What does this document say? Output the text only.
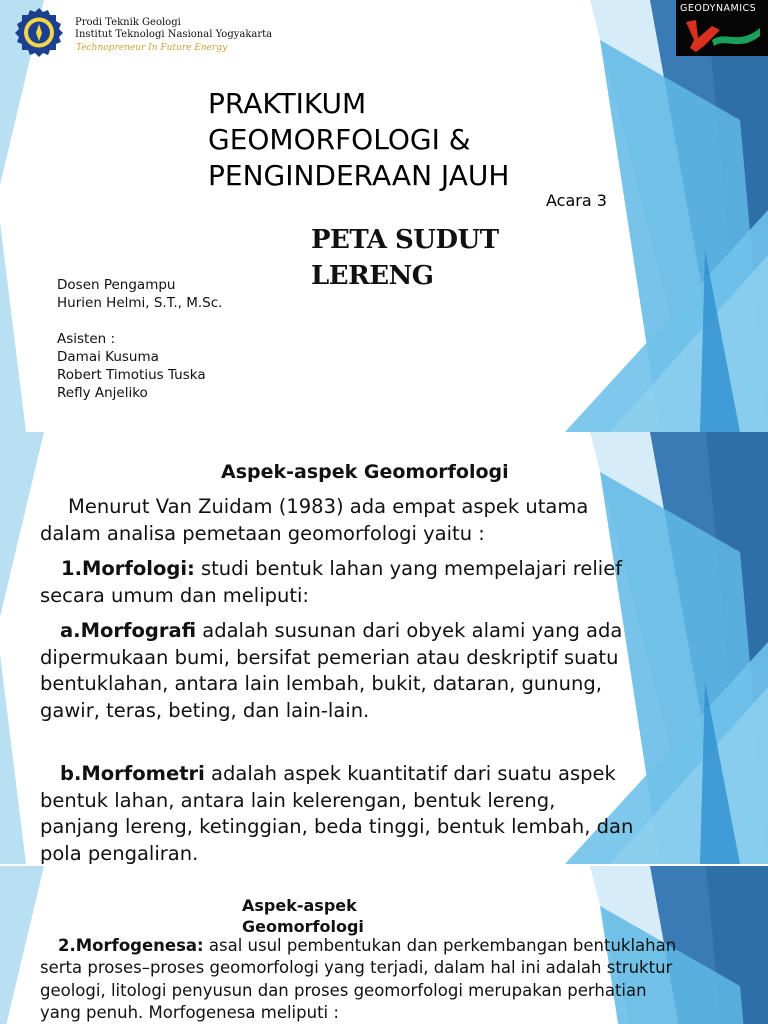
Prodi Teknik Geologi
Institut Teknologi Nasional Yogyakarta
Technopreneur In Future Energy
GEODYNAMICS
PRAKTIKUM
GEOMORFOLOGI &
PENGINDERAAN JAUH
Acara 3
PETA SUDUT
LERENG
Dosen Pengampu
Hurien Helmi, S.T., M.Sc.
Asisten :
Damai Kusuma
Robert Timotius Tuska
Refly Anjeliko
Aspek-aspek Geomorfologi
Menurut Van Zuidam (1983) ada empat aspek utama dalam analisa pemetaan geomorfologi yaitu :
1.Morfologi: studi bentuk lahan yang mempelajari relief secara umum dan meliputi:
a.Morfografi adalah susunan dari obyek alami yang ada dipermukaan bumi, bersifat pemerian atau deskriptif suatu bentuklahan, antara lain lembah, bukit, dataran, gunung, gawir, teras, beting, dan lain-lain.
b.Morfometri adalah aspek kuantitatif dari suatu aspek bentuk lahan, antara lain kelerengan, bentuk lereng, panjang lereng, ketinggian, beda tinggi, bentuk lembah, dan pola pengaliran.
Aspek-aspek
Geomorfologi
2.Morfogenesa: asal usul pembentukan dan perkembangan bentuklahan serta proses–proses geomorfologi yang terjadi, dalam hal ini adalah struktur geologi, litologi penyusun dan proses geomorfologi merupakan perhatian yang penuh. Morfogenesa meliputi :
